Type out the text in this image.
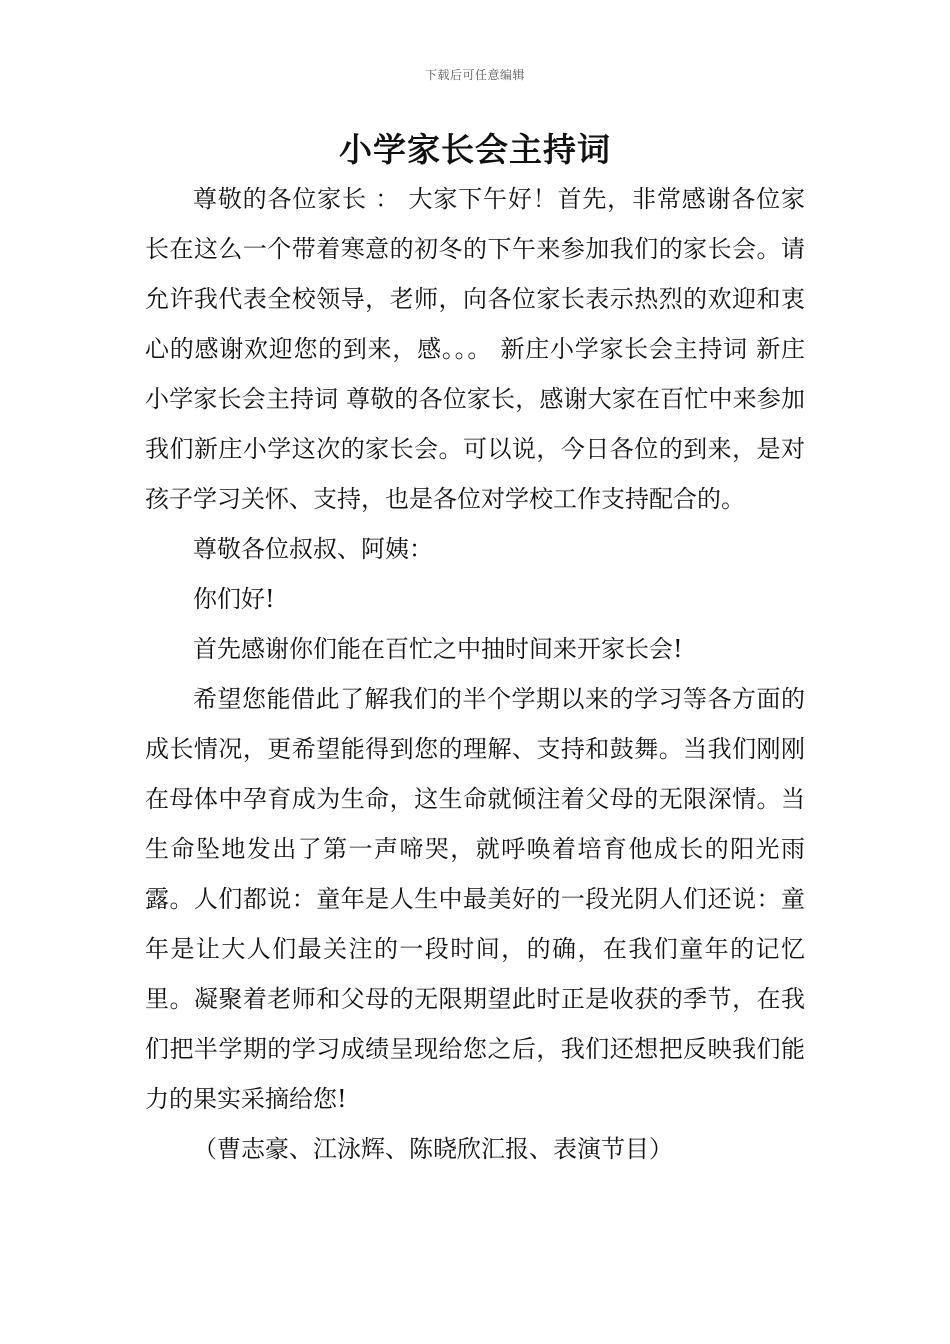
下载后可任意编辑
小学家长会主持词

尊敬的各位家长 ： 大家下午好！首先，非常感谢各位家长在这么一个带着寒意的初冬的下午来参加我们的家长会。请允许我代表全校领导，老师，向各位家长表示热烈的欢迎和衷心的感谢欢迎您的到来，感。。。 新庄小学家长会主持词 新庄小学家长会主持词 尊敬的各位家长，感谢大家在百忙中来参加我们新庄小学这次的家长会。可以说，今日各位的到来，是对孩子学习关怀、支持，也是各位对学校工作支持配合的。

尊敬各位叔叔、阿姨：

你们好!

首先感谢你们能在百忙之中抽时间来开家长会!

希望您能借此了解我们的半个学期以来的学习等各方面的成长情况，更希望能得到您的理解、支持和鼓舞。当我们刚刚在母体中孕育成为生命，这生命就倾注着父母的无限深情。当生命坠地发出了第一声啼哭，就呼唤着培育他成长的阳光雨露。人们都说：童年是人生中最美好的一段光阴人们还说：童年是让大人们最关注的一段时间，的确，在我们童年的记忆里。凝聚着老师和父母的无限期望此时正是收获的季节，在我们把半学期的学习成绩呈现给您之后，我们还想把反映我们能力的果实采摘给您!

（曹志豪、江泳辉、陈晓欣汇报、表演节目）
